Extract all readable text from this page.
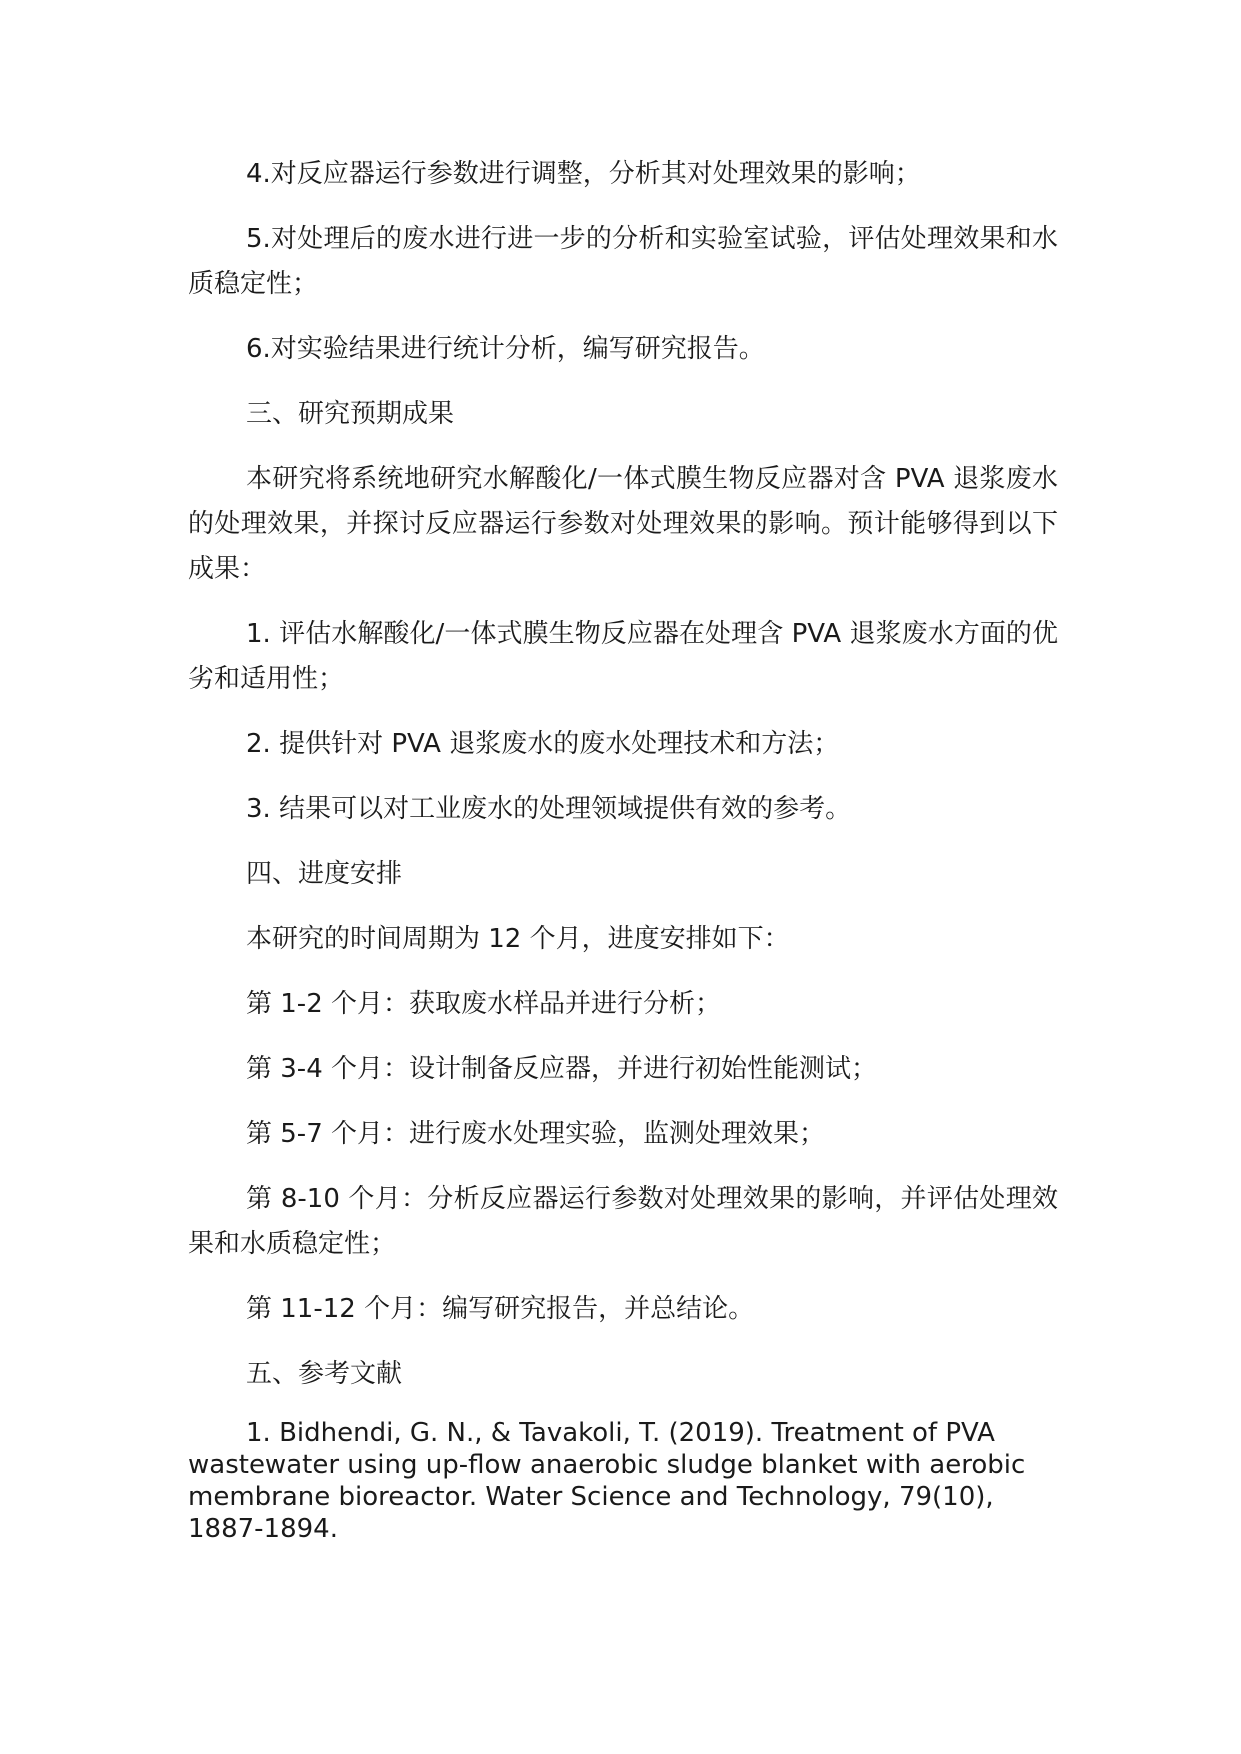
4.对反应器运行参数进行调整，分析其对处理效果的影响；

5.对处理后的废水进行进一步的分析和实验室试验，评估处理效果和水质稳定性；

6.对实验结果进行统计分析，编写研究报告。

三、研究预期成果

本研究将系统地研究水解酸化/一体式膜生物反应器对含 PVA 退浆废水的处理效果，并探讨反应器运行参数对处理效果的影响。预计能够得到以下成果：

1. 评估水解酸化/一体式膜生物反应器在处理含 PVA 退浆废水方面的优劣和适用性；

2. 提供针对 PVA 退浆废水的废水处理技术和方法；

3. 结果可以对工业废水的处理领域提供有效的参考。

四、进度安排

本研究的时间周期为 12 个月，进度安排如下：

第 1-2 个月：获取废水样品并进行分析；

第 3-4 个月：设计制备反应器，并进行初始性能测试；

第 5-7 个月：进行废水处理实验，监测处理效果；

第 8-10 个月：分析反应器运行参数对处理效果的影响，并评估处理效果和水质稳定性；

第 11-12 个月：编写研究报告，并总结论。

五、参考文献

1. Bidhendi, G. N., & Tavakoli, T. (2019). Treatment of PVA wastewater using up-flow anaerobic sludge blanket with aerobic membrane bioreactor. Water Science and Technology, 79(10), 1887-1894.
